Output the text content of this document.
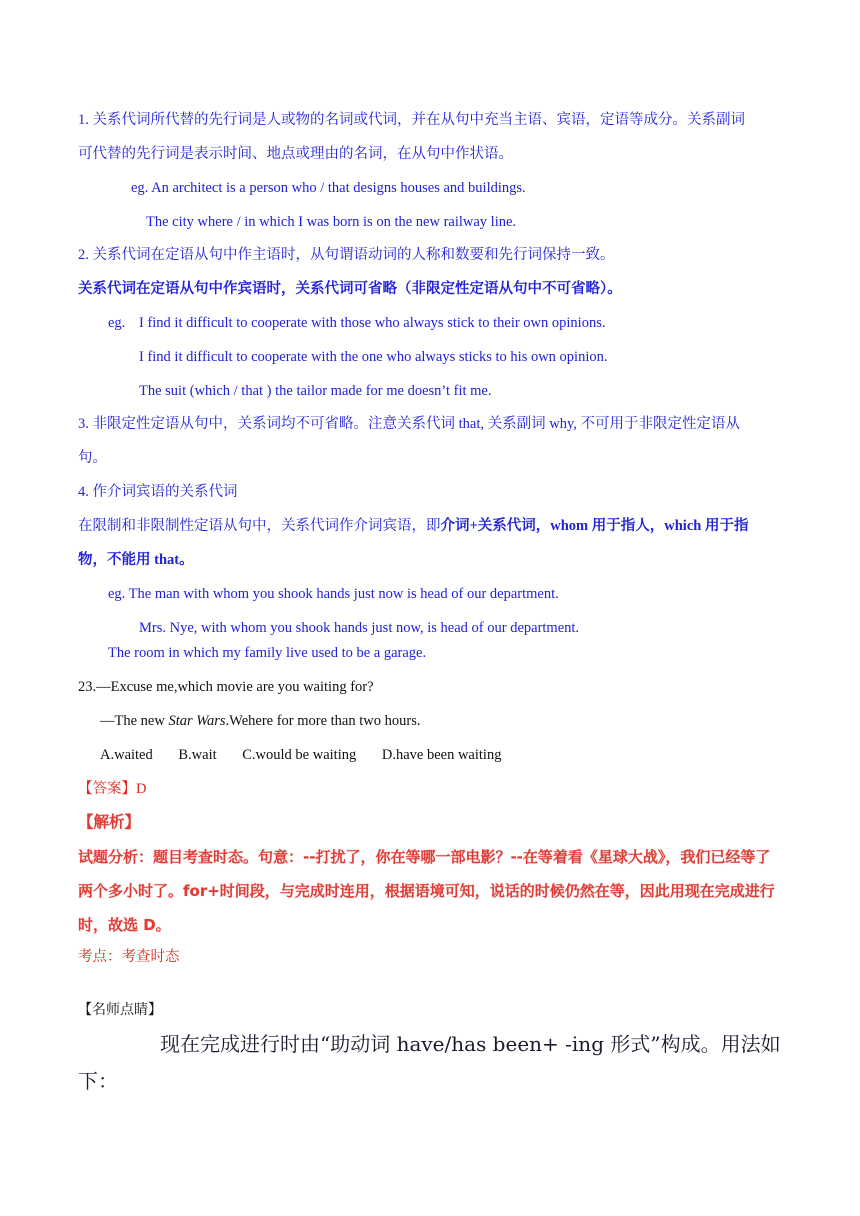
1. 关系代词所代替的先行词是人或物的名词或代词，并在从句中充当主语、宾语，定语等成分。关系副词
可代替的先行词是表示时间、地点或理由的名词，在从句中作状语。
eg. An architect is a person who / that designs houses and buildings.
The city where / in which I was born is on the new railway line.
2. 关系代词在定语从句中作主语时，从句谓语动词的人称和数要和先行词保持一致。
关系代词在定语从句中作宾语时，关系代词可省略（非限定性定语从句中不可省略）。
eg. I find it difficult to cooperate with those who always stick to their own opinions.
I find it difficult to cooperate with the one who always sticks to his own opinion.
The suit (which / that ) the tailor made for me doesn’t fit me.
3. 非限定性定语从句中，关系词均不可省略。注意关系代词 that, 关系副词 why, 不可用于非限定性定语从
句。
4. 作介词宾语的关系代词
在限制和非限制性定语从句中，关系代词作介词宾语，即介词+关系代词，whom 用于指人，which 用于指
物，不能用 that。
eg. The man with whom you shook hands just now is head of our department.
Mrs. Nye, with whom you shook hands just now, is head of our department.
The room in which my family live used to be a garage.
23.—Excuse me,which movie are you waiting for?
—The new Star Wars.Wehere for more than two hours.
A.waited B.wait C.would be waiting D.have been waiting
【答案】D
【解析】
试题分析：题目考查时态。句意：--打扰了，你在等哪一部电影？--在等着看《星球大战》，我们已经等了
两个多小时了。for+时间段，与完成时连用，根据语境可知，说话的时候仍然在等，因此用现在完成进行
时，故选 D。
考点：考查时态
【名师点睛】
现在完成进行时由“助动词 have/has been+ -ing 形式”构成。用法如
下：
